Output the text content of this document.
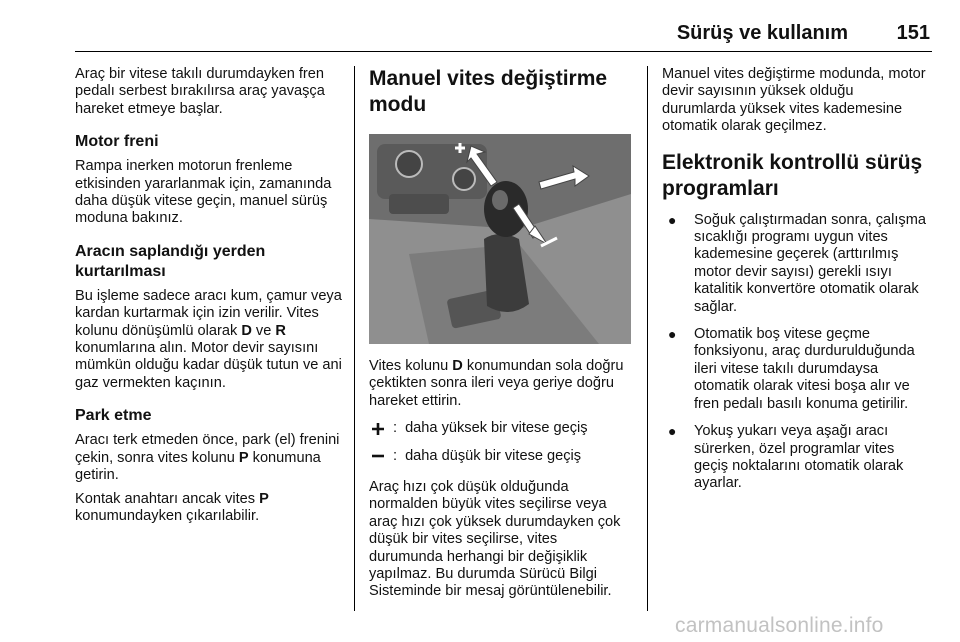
Sürüş ve kullanım	151

Araç bir vitese takılı durumdayken fren pedalı serbest bırakılırsa araç yavaşça hareket etmeye başlar.

Motor freni

Rampa inerken motorun frenleme etkisinden yararlanmak için, zamanında daha düşük vitese geçin, manuel sürüş moduna bakınız.

Aracın saplandığı yerden kurtarılması

Bu işleme sadece aracı kum, çamur veya kardan kurtarmak için izin verilir. Vites kolunu dönüşümlü olarak D ve R konumlarına alın. Motor devir sayısını mümkün olduğu kadar düşük tutun ve ani gaz vermekten kaçının.

Park etme

Aracı terk etmeden önce, park (el) frenini çekin, sonra vites kolunu P konumuna getirin.

Kontak anahtarı ancak vites P konumundayken çıkarılabilir.

Manuel vites değiştirme modu

Vites kolunu D konumundan sola doğru çektikten sonra ileri veya geriye doğru hareket ettirin.

: daha yüksek bir vitese geçiş
: daha düşük bir vitese geçiş

Araç hızı çok düşük olduğunda normalden büyük vites seçilirse veya araç hızı çok yüksek durumdayken çok düşük bir vites seçilirse, vites durumunda herhangi bir değişiklik yapılmaz. Bu durumda Sürücü Bilgi Sisteminde bir mesaj görüntülenebilir.

Manuel vites değiştirme modunda, motor devir sayısının yüksek olduğu durumlarda yüksek vites kademesine otomatik olarak geçilmez.

Elektronik kontrollü sürüş programları
●	Soğuk çalıştırmadan sonra, çalışma sıcaklığı programı uygun vites kademesine geçerek (arttırılmış motor devir sayısı) gerekli ısıyı katalitik konvertöre otomatik olarak sağlar.
●	Otomatik boş vitese geçme fonksiyonu, araç durdurulduğunda ileri vitese takılı durumdaysa otomatik olarak vitesi boşa alır ve fren pedalı basılı konuma getirilir.
●	Yokuş yukarı veya aşağı aracı sürerken, özel programlar vites geçiş noktalarını otomatik olarak ayarlar.
carmanualsonline.info
